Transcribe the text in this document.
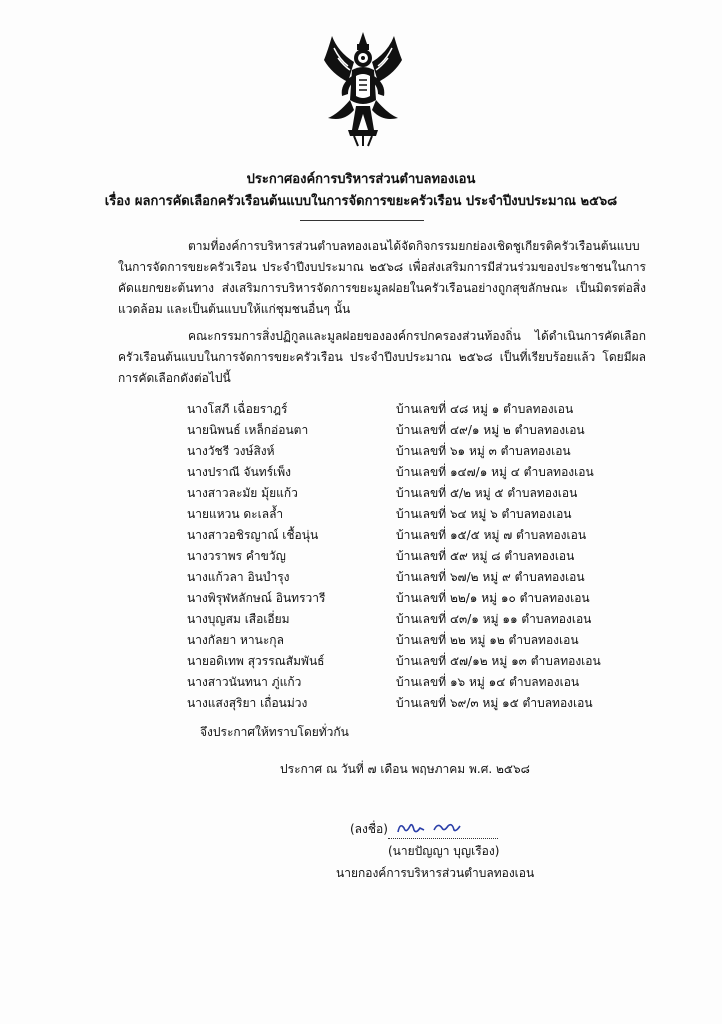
ประกาศองค์การบริหารส่วนตำบลทองเอน
เรื่อง ผลการคัดเลือกครัวเรือนต้นแบบในการจัดการขยะครัวเรือน ประจำปีงบประมาณ ๒๕๖๘
ตามที่องค์การบริหารส่วนตำบลทองเอนได้จัดกิจกรรมยกย่องเชิดชูเกียรติครัวเรือนต้นแบบในการจัดการขยะครัวเรือน ประจำปีงบประมาณ ๒๕๖๘ เพื่อส่งเสริมการมีส่วนร่วมของประชาชนในการคัดแยกขยะต้นทาง ส่งเสริมการบริหารจัดการขยะมูลฝอยในครัวเรือนอย่างถูกสุขลักษณะ เป็นมิตรต่อสิ่งแวดล้อม และเป็นต้นแบบให้แก่ชุมชนอื่นๆ นั้น
คณะกรรมการสิ่งปฏิกูลและมูลฝอยขององค์กรปกครองส่วนท้องถิ่น ได้ดำเนินการคัดเลือกครัวเรือนต้นแบบในการจัดการขยะครัวเรือน ประจำปีงบประมาณ ๒๕๖๘ เป็นที่เรียบร้อยแล้ว โดยมีผลการคัดเลือกดังต่อไปนี้
นางโสภี เฉื่อยราฎร์	บ้านเลขที่ ๔๘ หมู่ ๑ ตำบลทองเอน
นายนิพนธ์ เหล็กอ่อนตา	บ้านเลขที่ ๔๙/๑ หมู่ ๒ ตำบลทองเอน
นางวัชรี วงษ์สิงห์	บ้านเลขที่ ๖๑ หมู่ ๓ ตำบลทองเอน
นางปราณี จันทร์เพ็ง	บ้านเลขที่ ๑๔๗/๑ หมู่ ๔ ตำบลทองเอน
นางสาวละมัย มุ้ยแก้ว	บ้านเลขที่ ๕/๒ หมู่ ๕ ตำบลทองเอน
นายแหวน ดะเลล้ำ	บ้านเลขที่ ๖๔ หมู่ ๖ ตำบลทองเอน
นางสาวอชิรญาณ์ เชื้อนุ่น	บ้านเลขที่ ๑๕/๕ หมู่ ๗ ตำบลทองเอน
นางวราพร คำขวัญ	บ้านเลขที่ ๕๙ หมู่ ๘ ตำบลทองเอน
นางแก้วลา อินบำรุง	บ้านเลขที่ ๖๗/๒ หมู่ ๙ ตำบลทองเอน
นางพิรุฬหลักษณ์ อินทรวารี	บ้านเลขที่ ๒๒/๑ หมู่ ๑๐ ตำบลทองเอน
นางบุญสม เสือเอี่ยม	บ้านเลขที่ ๔๓/๑ หมู่ ๑๑ ตำบลทองเอน
นางกัลยา หานะกุล	บ้านเลขที่ ๒๒ หมู่ ๑๒ ตำบลทองเอน
นายอดิเทพ สุวรรณสัมพันธ์	บ้านเลขที่ ๕๗/๑๒ หมู่ ๑๓ ตำบลทองเอน
นางสาวนันทนา ภู่แก้ว	บ้านเลขที่ ๑๖ หมู่ ๑๔ ตำบลทองเอน
นางแสงสุริยา เถื่อนม่วง	บ้านเลขที่ ๖๙/๓ หมู่ ๑๕ ตำบลทองเอน
จึงประกาศให้ทราบโดยทั่วกัน
ประกาศ ณ วันที่ ๗ เดือน พฤษภาคม พ.ศ. ๒๕๖๘
(ลงชื่อ)
(นายปัญญา บุญเรือง)
นายกองค์การบริหารส่วนตำบลทองเอน
